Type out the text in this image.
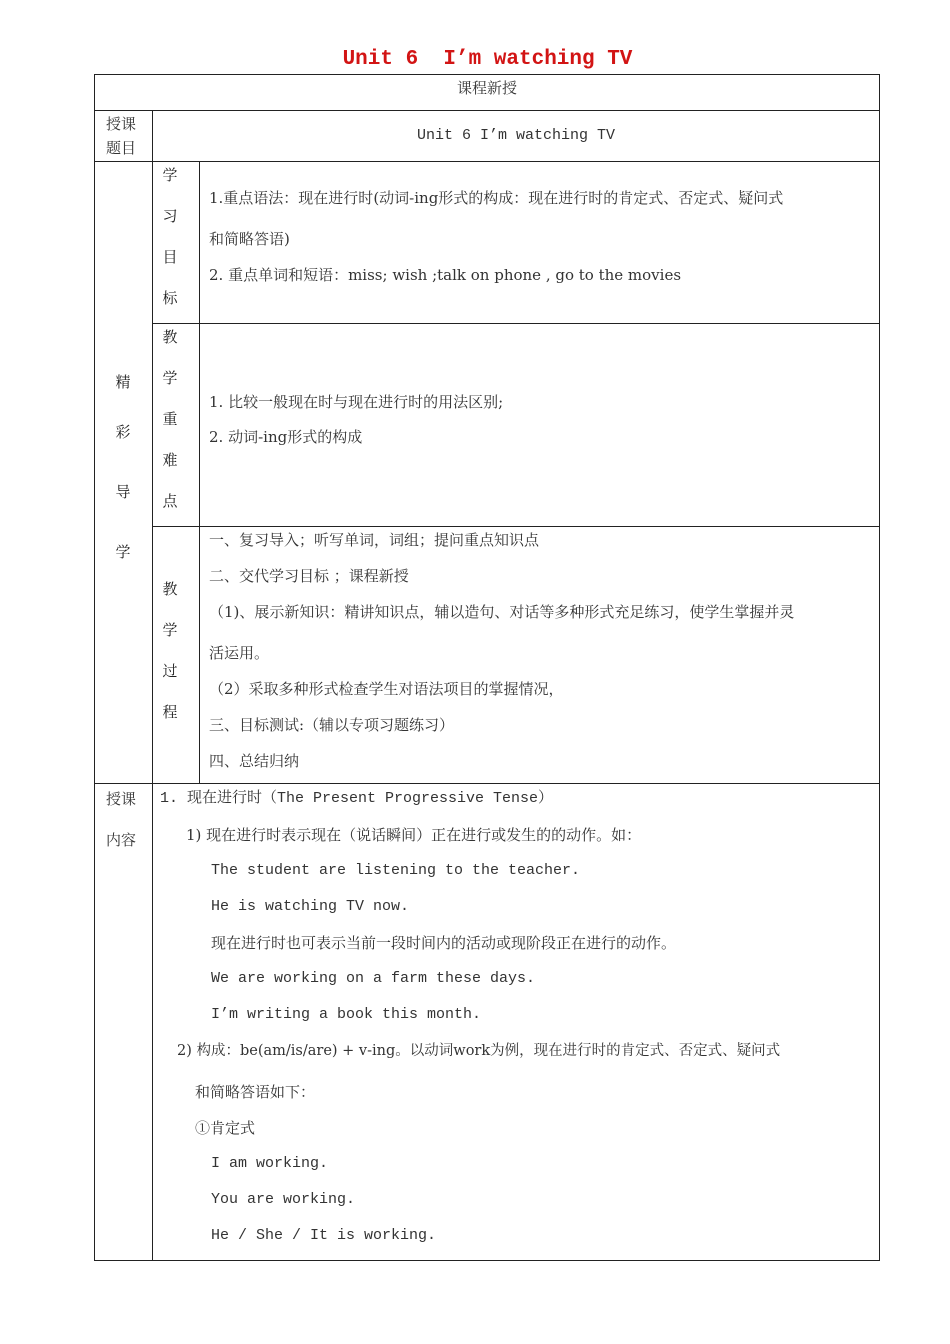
Unit 6  I’m watching TV
课程新授
授课
题目
Unit 6 I’m watching TV
精
彩
导
学
学
习
目
标
1.重点语法：现在进行时(动词-ing形式的构成：现在进行时的肯定式、否定式、疑问式
和简略答语)
2. 重点单词和短语：miss; wish ;talk on phone , go to the movies
教
学
重
难
点
1. 比较一般现在时与现在进行时的用法区别;
2. 动词-ing形式的构成
教
学
过
程
一、复习导入；听写单词，词组；提问重点知识点
二、交代学习目标 ；课程新授
（1)、展示新知识：精讲知识点，辅以造句、对话等多种形式充足练习，使学生掌握并灵
活运用。
（2）采取多种形式检查学生对语法项目的掌握情况，
三、目标测试:（辅以专项习题练习）
四、总结归纳
授课
内容
1. 现在进行时（The Present Progressive Tense）
1) 现在进行时表示现在（说话瞬间）正在进行或发生的的动作。如：
The student are listening to the teacher.
He is watching TV now.
现在进行时也可表示当前一段时间内的活动或现阶段正在进行的动作。
We are working on a farm these days.
I’m writing a book this month.
2) 构成：be(am/is/are) + v-ing。以动词work为例，现在进行时的肯定式、否定式、疑问式
和简略答语如下：
①肯定式
I am working.
You are working.
He / She / It is working.
